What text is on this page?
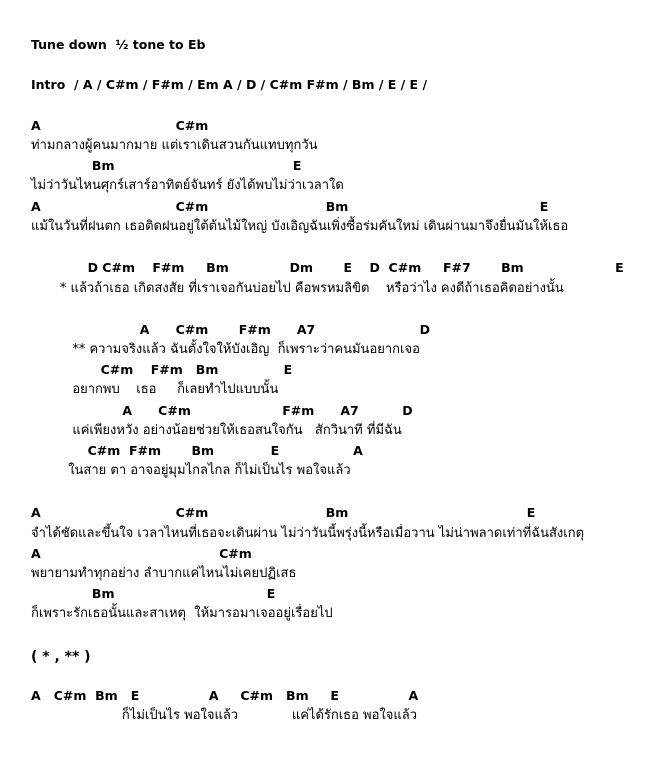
Tune down  ½ tone to Eb
Intro  / A / C#m / F#m / Em A / D / C#m F#m / Bm / E / E /
A                               C#m
ท่ามกลางผู้คนมากมาย แต่เราเดินสวนกันแทบทุกวัน
Bm                                         E
ไม่ว่าวันไหนศุกร์เสาร์อาทิตย์จันทร์ ยังได้พบไม่ว่าเวลาใด
A                               C#m                           Bm                                            E
แม้ในวันที่ฝนตก เธอติดฝนอยู่ใต้ต้นไม้ใหญ่ บังเอิญฉันเพิ่งซื้อร่มคันใหม่ เดินผ่านมาจึงยื่นมันให้เธอ
D C#m    F#m     Bm              Dm       E    D  C#m     F#7       Bm                     E
* แล้วถ้าเธอ เกิดสงสัย ที่เราเจอกันบ่อยไป คือพรหมลิขิต    หรือว่าไง คงดีถ้าเธอคิดอย่างนั้น
A      C#m       F#m      A7                        D
** ความจริงแล้ว ฉันตั้งใจให้บังเอิญ  ก็เพราะว่าคนมันอยากเจอ
C#m    F#m   Bm               E
อยากพบ    เธอ     ก็เลยทำไปแบบนั้น
A      C#m                     F#m      A7          D
แค่เพียงหวัง อย่างน้อยช่วยให้เธอสนใจกัน   สักวินาที ที่มีฉัน
C#m  F#m       Bm             E                 A
ในสาย ตา อาจอยู่มุมไกลไกล ก็ไม่เป็นไร พอใจแล้ว
A                               C#m                           Bm                                         E
จำได้ชัดและขึ้นใจ เวลาไหนที่เธอจะเดินผ่าน ไม่ว่าวันนี้พรุ่งนี้หรือเมื่อวาน ไม่น่าพลาดเท่าที่ฉันสังเกตุ
A                                         C#m
พยายามทำทุกอย่าง ลำบากแค่ไหนไม่เคยปฏิเสธ
Bm                                   E
ก็เพราะรักเธอนั้นและสาเหตุ  ให้มารอมาเจออยู่เรื่อยไป
( * , ** )
A   C#m  Bm   E                A     C#m   Bm     E                A
ก็ไม่เป็นไร พอใจแล้ว             แค่ได้รักเธอ พอใจแล้ว
